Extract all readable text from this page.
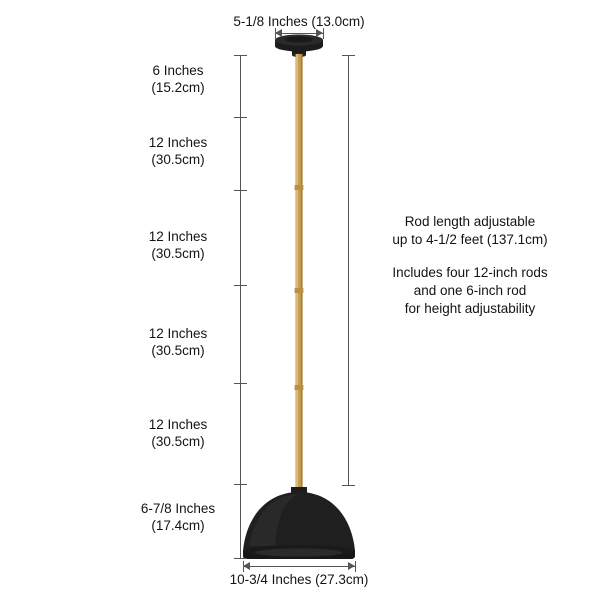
5-1/8 Inches (13.0cm)
6 Inches
(15.2cm)
12 Inches
(30.5cm)
12 Inches
(30.5cm)
12 Inches
(30.5cm)
12 Inches
(30.5cm)
6-7/8 Inches
(17.4cm)
10-3/4 Inches (27.3cm)
Rod length adjustable
up to 4-1/2 feet (137.1cm)
Includes four 12-inch rods
and one 6-inch rod
for height adjustability
